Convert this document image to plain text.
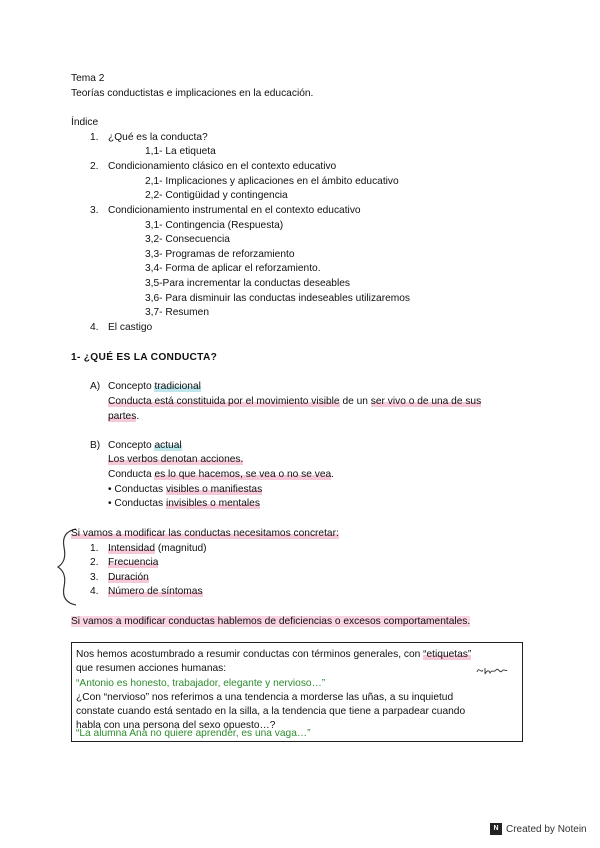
Tema 2
Teorías conductistas e implicaciones en la educación.
Índice
1. ¿Qué es la conducta?
1,1- La etiqueta
2. Condicionamiento clásico en el contexto educativo
2,1- Implicaciones y aplicaciones en el ámbito educativo
2,2- Contigüidad y contingencia
3. Condicionamiento instrumental en el contexto educativo
3,1- Contingencia (Respuesta)
3,2- Consecuencia
3,3- Programas de reforzamiento
3,4- Forma de aplicar el reforzamiento.
3,5-Para incrementar la conductas deseables
3,6- Para disminuir las conductas indeseables utilizaremos
3,7- Resumen
4. El castigo
1- ¿QUÉ ES LA CONDUCTA?
A) Concepto tradicional
Conducta está constituida por el movimiento visible de un ser vivo o de una de sus
partes.
B) Concepto actual
Los verbos denotan acciones.
Conducta es lo que hacemos, se vea o no se vea.
• Conductas visibles o manifiestas
• Conductas invisibles o mentales
Si vamos a modificar las conductas necesitamos concretar:
1. Intensidad (magnitud)
2. Frecuencia
3. Duración
4. Número de síntomas
Si vamos a modificar conductas hablemos de deficiencias o excesos comportamentales.
Nos hemos acostumbrado a resumir conductas con términos generales, con “etiquetas”
que resumen acciones humanas:
“Antonio es honesto, trabajador, elegante y nervioso…”
¿Con “nervioso” nos referimos a una tendencia a morderse las uñas, a su inquietud
constate cuando está sentado en la silla, a la tendencia que tiene a parpadear cuando
habla con una persona del sexo opuesto…?
“La alumna Ana no quiere aprender, es una vaga…”
N Created by Notein
